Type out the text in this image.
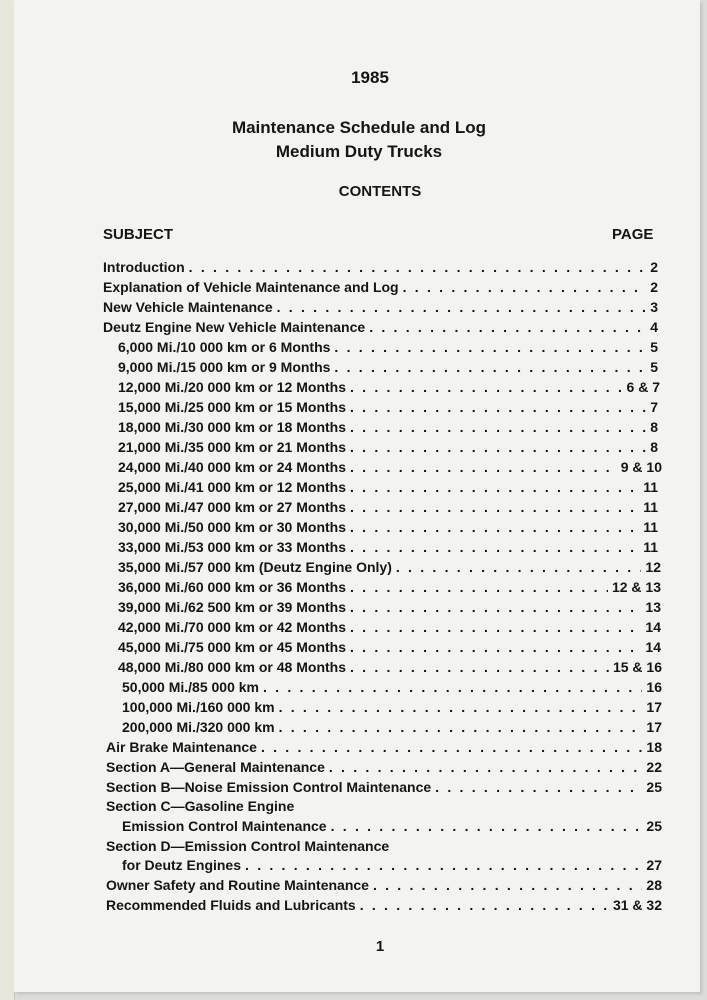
1985
Maintenance Schedule and Log
Medium Duty Trucks
CONTENTS
SUBJECT	PAGE
Introduction . . .	2
Explanation of Vehicle Maintenance and Log . . .	2
New Vehicle Maintenance . . .	3
Deutz Engine New Vehicle Maintenance . . .	4
6,000 Mi./10 000 km or 6 Months . . .	5
9,000 Mi./15 000 km or 9 Months . . .	5
12,000 Mi./20 000 km or 12 Months . . .	6 & 7
15,000 Mi./25 000 km or 15 Months . . .	7
18,000 Mi./30 000 km or 18 Months . . .	8
21,000 Mi./35 000 km or 21 Months . . .	8
24,000 Mi./40 000 km or 24 Months . . .	9 & 10
25,000 Mi./41 000 km or 12 Months . . .	11
27,000 Mi./47 000 km or 27 Months . . .	11
30,000 Mi./50 000 km or 30 Months . . .	11
33,000 Mi./53 000 km or 33 Months . . .	11
35,000 Mi./57 000 km (Deutz Engine Only) . . .	12
36,000 Mi./60 000 km or 36 Months . . .	12 & 13
39,000 Mi./62 500 km or 39 Months . . .	13
42,000 Mi./70 000 km or 42 Months . . .	14
45,000 Mi./75 000 km or 45 Months . . .	14
48,000 Mi./80 000 km or 48 Months . . .	15 & 16
50,000 Mi./85 000 km . . .	16
100,000 Mi./160 000 km . . .	17
200,000 Mi./320 000 km . . .	17
Air Brake Maintenance . . .	18
Section A—General Maintenance . . .	22
Section B—Noise Emission Control Maintenance . . .	25
Section C—Gasoline Engine
Emission Control Maintenance . . .	25
Section D—Emission Control Maintenance
for Deutz Engines . . .	27
Owner Safety and Routine Maintenance . . .	28
Recommended Fluids and Lubricants . . .	31 & 32
1
